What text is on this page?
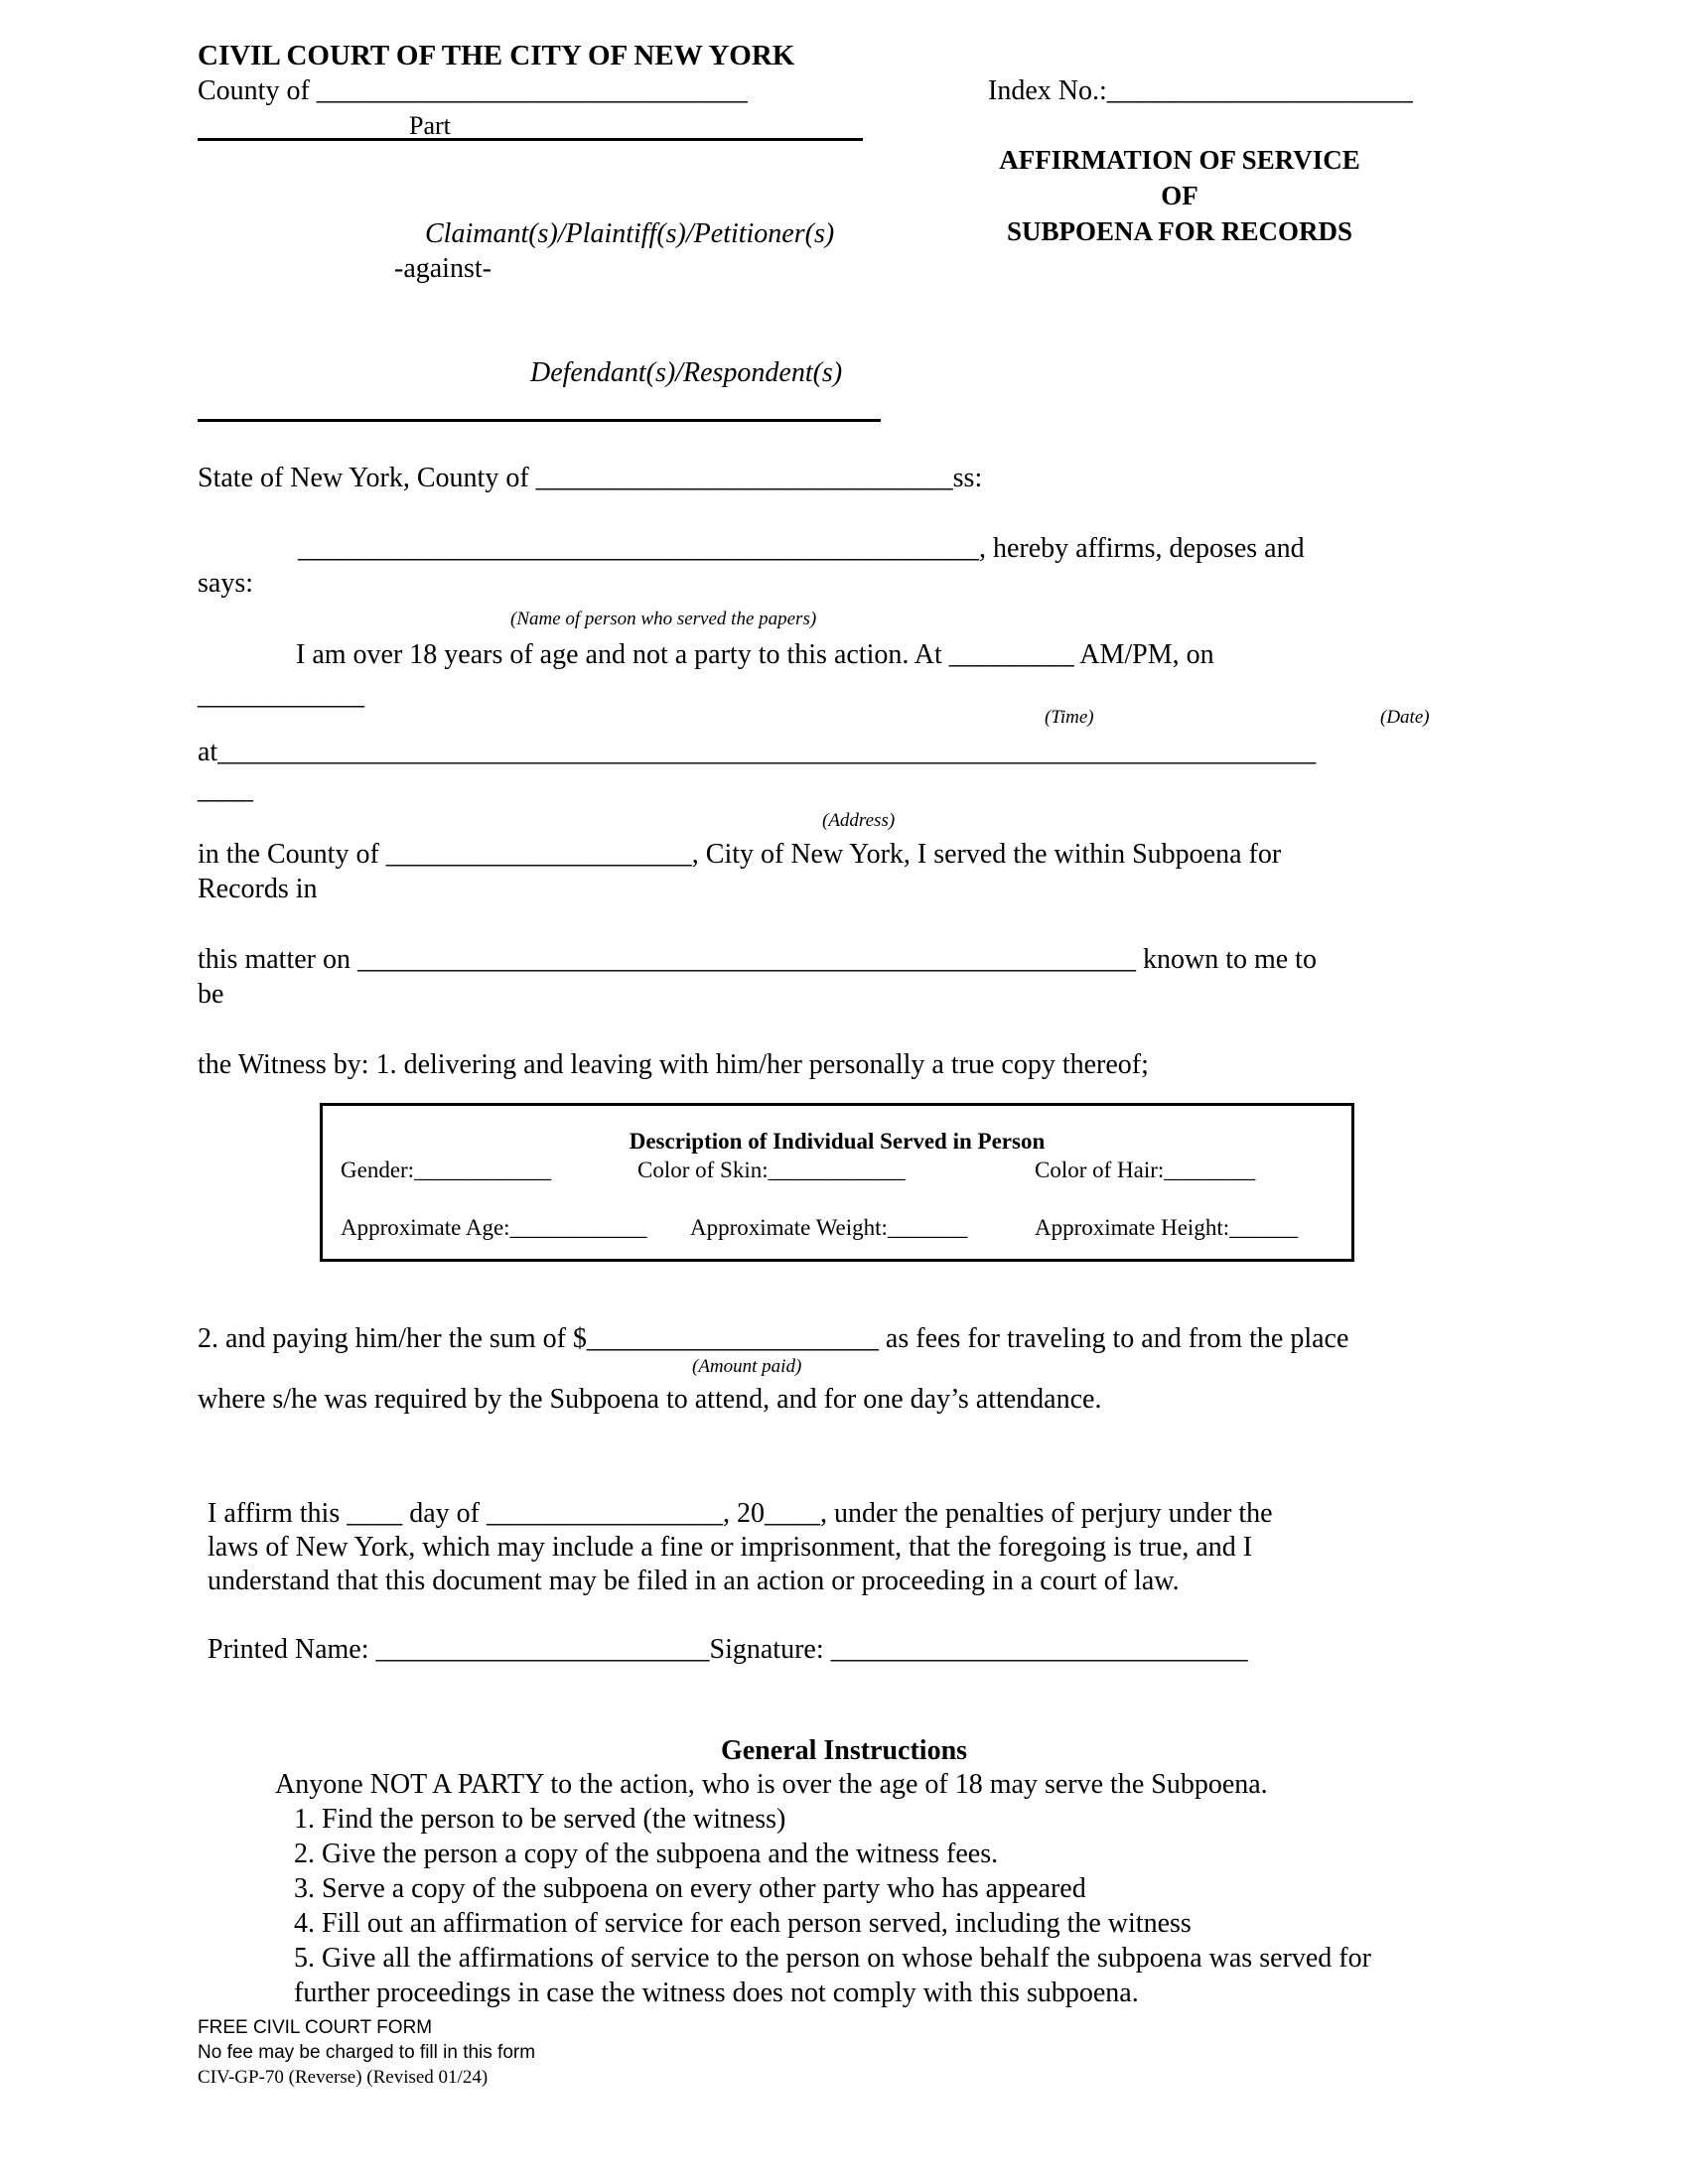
CIVIL COURT OF THE CITY OF NEW YORK
County of _______________________________
Part
Index No.:______________________
AFFIRMATION OF SERVICE
OF
SUBPOENA FOR RECORDS
Claimant(s)/Plaintiff(s)/Petitioner(s)
-against-
Defendant(s)/Respondent(s)
State of New York, County of ______________________________ss:
_________________________________________________, hereby affirms, deposes and
says:
(Name of person who served the papers)
I am over 18 years of age and not a party to this action. At _________ AM/PM, on
____________
(Time)	(Date)
at_______________________________________________________________________________
____
(Address)
in the County of ______________________, City of New York, I served the within Subpoena for
Records in
this matter on ________________________________________________________ known to me to
be
the Witness by: 1. delivering and leaving with him/her personally a true copy thereof;
Description of Individual Served in Person
Gender:____________	Color of Skin:____________	Color of Hair:________
Approximate Age:____________ Approximate Weight:_______	Approximate Height:______
2. and paying him/her the sum of $_____________________ as fees for traveling to and from the place
(Amount paid)
where s/he was required by the Subpoena to attend, and for one day’s attendance.
I affirm this ____ day of _________________, 20____, under the penalties of perjury under the
laws of New York, which may include a fine or imprisonment, that the foregoing is true, and I
understand that this document may be filed in an action or proceeding in a court of law.
Printed Name: ________________________Signature: ______________________________
General Instructions
Anyone NOT A PARTY to the action, who is over the age of 18 may serve the Subpoena.
1. Find the person to be served (the witness)
2. Give the person a copy of the subpoena and the witness fees.
3. Serve a copy of the subpoena on every other party who has appeared
4. Fill out an affirmation of service for each person served, including the witness
5. Give all the affirmations of service to the person on whose behalf the subpoena was served for
further proceedings in case the witness does not comply with this subpoena.
FREE CIVIL COURT FORM
No fee may be charged to fill in this form
CIV-GP-70 (Reverse) (Revised 01/24)
